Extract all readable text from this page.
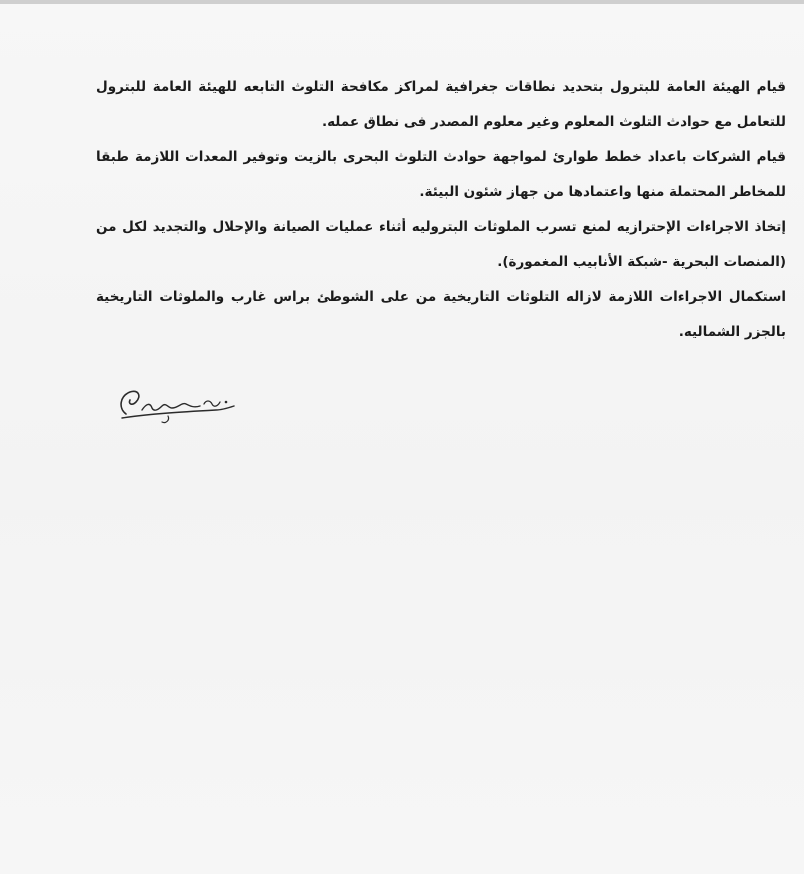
قيام الهيئة العامة للبترول بتحديد نطاقات جغرافية لمراكز مكافحة التلوث التابعه للهيئة العامة للبترول
للتعامل مع حوادث التلوث المعلوم وغير معلوم المصدر فى نطاق عمله.
قيام الشركات باعداد خطط طوارئ لمواجهة حوادث التلوث البحرى بالزيت وتوفير المعدات اللازمة طبقا
للمخاطر المحتملة منها واعتمادها من جهاز شئون البيئة.
إتخاذ الاجراءات الإحترازيه لمنع تسرب الملوثات البتروليه أثناء عمليات الصيانة والإحلال والتجديد لكل من
(المنصات البحرية -شبكة الأنابيب المغمورة).
استكمال الاجراءات اللازمة لازاله التلوثات التاريخية من على الشوطئ براس غارب والملوثات التاريخية
بالجزر الشماليه.
